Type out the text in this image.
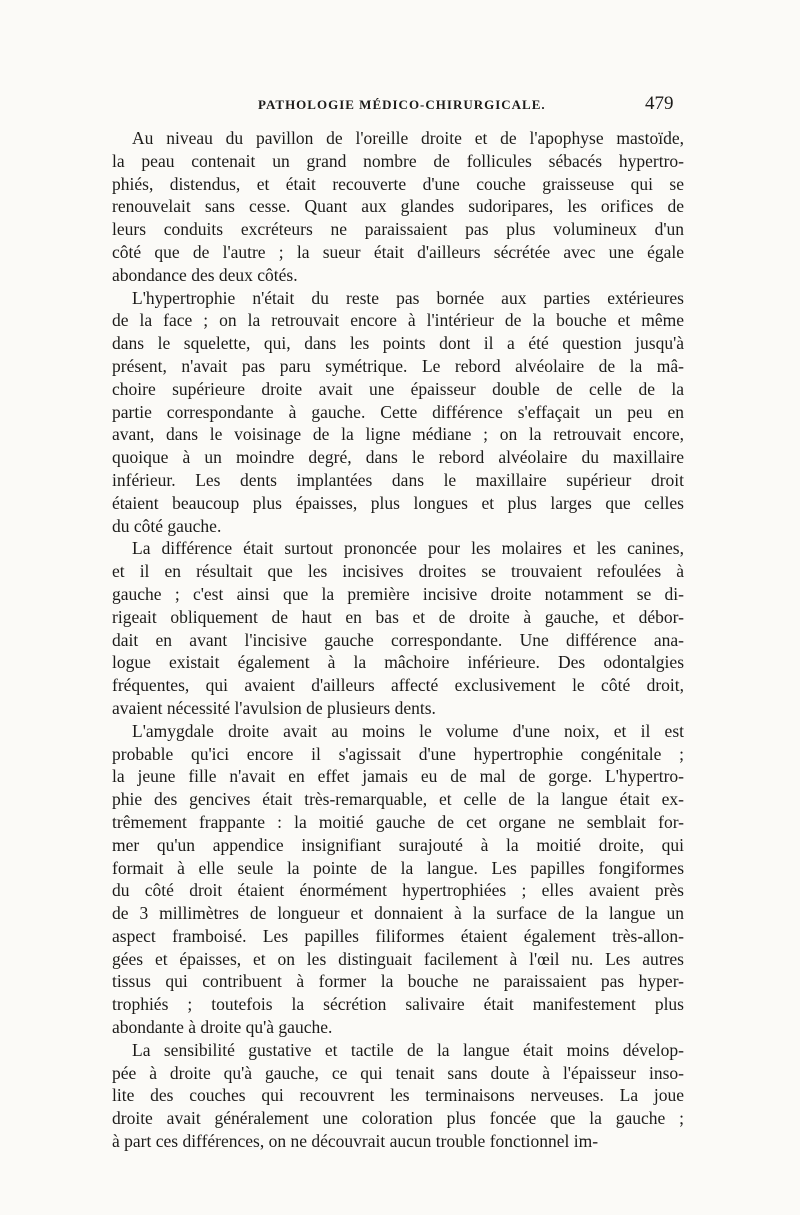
PATHOLOGIE MÉDICO-CHIRURGICALE.	479
Au niveau du pavillon de l'oreille droite et de l'apophyse mastoïde,
la peau contenait un grand nombre de follicules sébacés hypertro-
phiés, distendus, et était recouverte d'une couche graisseuse qui se
renouvelait sans cesse. Quant aux glandes sudoripares, les orifices de
leurs conduits excréteurs ne paraissaient pas plus volumineux d'un
côté que de l'autre ; la sueur était d'ailleurs sécrétée avec une égale
abondance des deux côtés.
L'hypertrophie n'était du reste pas bornée aux parties extérieures
de la face ; on la retrouvait encore à l'intérieur de la bouche et même
dans le squelette, qui, dans les points dont il a été question jusqu'à
présent, n'avait pas paru symétrique. Le rebord alvéolaire de la mâ-
choire supérieure droite avait une épaisseur double de celle de la
partie correspondante à gauche. Cette différence s'effaçait un peu en
avant, dans le voisinage de la ligne médiane ; on la retrouvait encore,
quoique à un moindre degré, dans le rebord alvéolaire du maxillaire
inférieur. Les dents implantées dans le maxillaire supérieur droit
étaient beaucoup plus épaisses, plus longues et plus larges que celles
du côté gauche.
La différence était surtout prononcée pour les molaires et les canines,
et il en résultait que les incisives droites se trouvaient refoulées à
gauche ; c'est ainsi que la première incisive droite notamment se di-
rigeait obliquement de haut en bas et de droite à gauche, et débor-
dait en avant l'incisive gauche correspondante. Une différence ana-
logue existait également à la mâchoire inférieure. Des odontalgies
fréquentes, qui avaient d'ailleurs affecté exclusivement le côté droit,
avaient nécessité l'avulsion de plusieurs dents.
L'amygdale droite avait au moins le volume d'une noix, et il est
probable qu'ici encore il s'agissait d'une hypertrophie congénitale ;
la jeune fille n'avait en effet jamais eu de mal de gorge. L'hypertro-
phie des gencives était très-remarquable, et celle de la langue était ex-
trêmement frappante : la moitié gauche de cet organe ne semblait for-
mer qu'un appendice insignifiant surajouté à la moitié droite, qui
formait à elle seule la pointe de la langue. Les papilles fongiformes
du côté droit étaient énormément hypertrophiées ; elles avaient près
de 3 millimètres de longueur et donnaient à la surface de la langue un
aspect framboisé. Les papilles filiformes étaient également très-allon-
gées et épaisses, et on les distinguait facilement à l'œil nu. Les autres
tissus qui contribuent à former la bouche ne paraissaient pas hyper-
trophiés ; toutefois la sécrétion salivaire était manifestement plus
abondante à droite qu'à gauche.
La sensibilité gustative et tactile de la langue était moins dévelop-
pée à droite qu'à gauche, ce qui tenait sans doute à l'épaisseur inso-
lite des couches qui recouvrent les terminaisons nerveuses. La joue
droite avait généralement une coloration plus foncée que la gauche ;
à part ces différences, on ne découvrait aucun trouble fonctionnel im-
